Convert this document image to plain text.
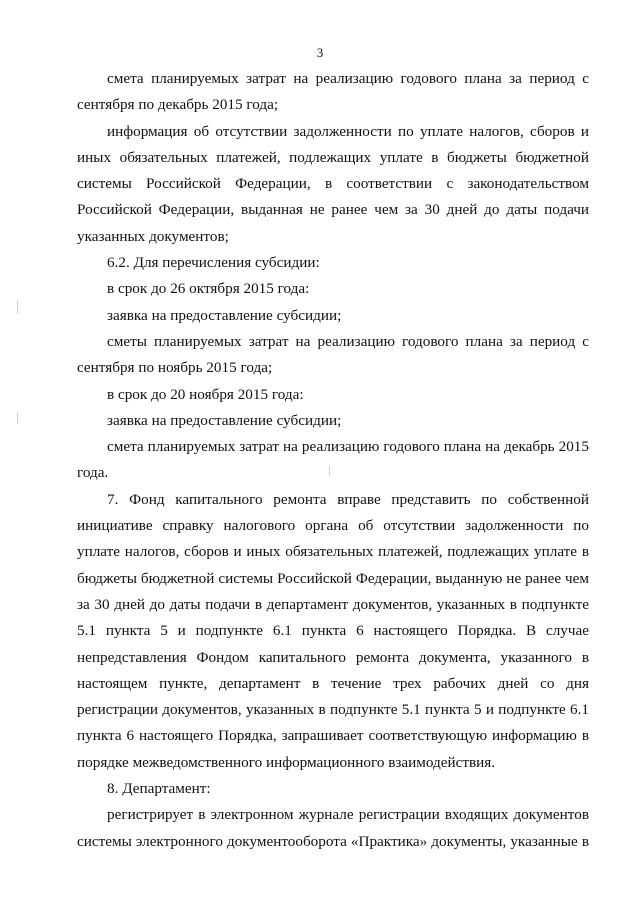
3

смета планируемых затрат на реализацию годового плана за период с сентября по декабрь 2015 года;

информация об отсутствии задолженности по уплате налогов, сборов и иных обязательных платежей, подлежащих уплате в бюджеты бюджетной системы Российской Федерации, в соответствии с законодательством Российской Федерации, выданная не ранее чем за 30 дней до даты подачи указанных документов;

6.2. Для перечисления субсидии:

в срок до 26 октября 2015 года:

заявка на предоставление субсидии;

сметы планируемых затрат на реализацию годового плана за период с сентября по ноябрь 2015 года;

в срок до 20 ноября 2015 года:

заявка на предоставление субсидии;

смета планируемых затрат на реализацию годового плана на декабрь 2015 года.

7. Фонд капитального ремонта вправе представить по собственной инициативе справку налогового органа об отсутствии задолженности по уплате налогов, сборов и иных обязательных платежей, подлежащих уплате в бюджеты бюджетной системы Российской Федерации, выданную не ранее чем за 30 дней до даты подачи в департамент документов, указанных в подпункте 5.1 пункта 5 и подпункте 6.1 пункта 6 настоящего Порядка. В случае непредставления Фондом капитального ремонта документа, указанного в настоящем пункте, департамент в течение трех рабочих дней со дня регистрации документов, указанных в подпункте 5.1 пункта 5 и подпункте 6.1 пункта 6 настоящего Порядка, запрашивает соответствующую информацию в порядке межведомственного информационного взаимодействия.

8. Департамент:

регистрирует в электронном журнале регистрации входящих документов системы электронного документооборота «Практика» документы, указанные в
